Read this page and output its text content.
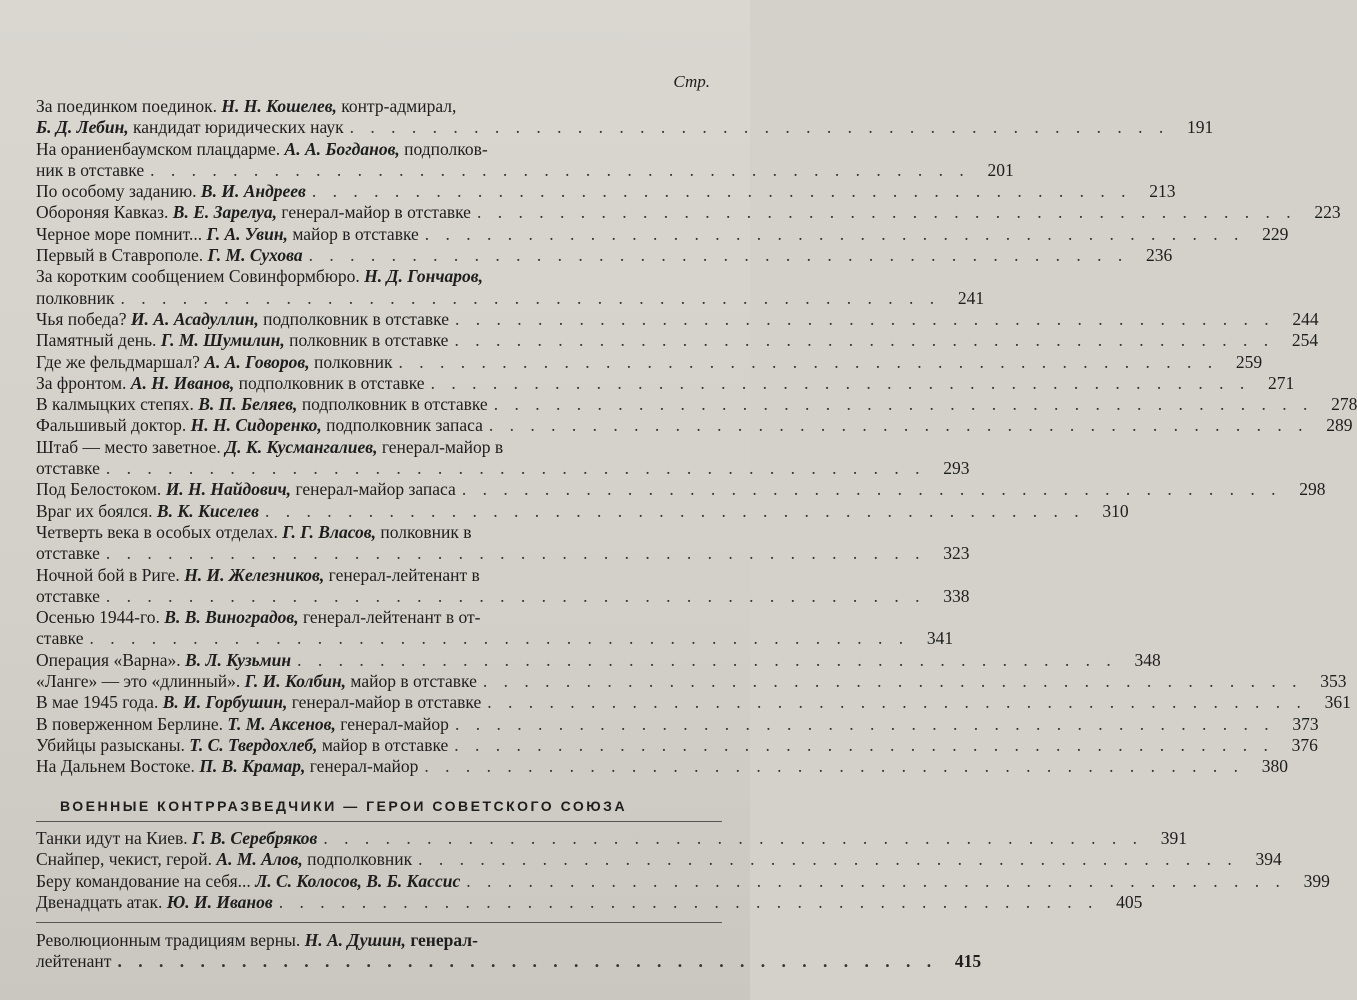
Стр.
За поединком поединок. Н. Н. Кошелев, контр-адмирал,
Б. Д. Лебин, кандидат юридических наук . . . . . . . . . . . . . . . . . . . . . . . . . . . . . . . . . . . . . . . .	191
На ораниенбаумском плацдарме. А. А. Богданов, подполков-
ник в отставке . . . . . . . . . . . . . . . . . . . . . . . . . . . . . . . . . . . . . . . .	201
По особому заданию. В. И. Андреев . . . . . . . . . . . . . . . . . . . . . . . . . . . . . . . . . . . . . . . .	213
Обороняя Кавказ. В. Е. Зарелуа, генерал-майор в отставке . . . . . . . . . . . . . . . . . . . . . . . . . . . . . . . . . . . . . . . .	223
Черное море помнит... Г. А. Увин, майор в отставке . . . . . . . . . . . . . . . . . . . . . . . . . . . . . . . . . . . . . . . .	229
Первый в Ставрополе. Г. М. Сухова . . . . . . . . . . . . . . . . . . . . . . . . . . . . . . . . . . . . . . . .	236
За коротким сообщением Совинформбюро. Н. Д. Гончаров,
полковник . . . . . . . . . . . . . . . . . . . . . . . . . . . . . . . . . . . . . . . .	241
Чья победа? И. А. Асадуллин, подполковник в отставке . . . . . . . . . . . . . . . . . . . . . . . . . . . . . . . . . . . . . . . .	244
Памятный день. Г. М. Шумилин, полковник в отставке . . . . . . . . . . . . . . . . . . . . . . . . . . . . . . . . . . . . . . . .	254
Где же фельдмаршал? А. А. Говоров, полковник . . . . . . . . . . . . . . . . . . . . . . . . . . . . . . . . . . . . . . . .	259
За фронтом. А. Н. Иванов, подполковник в отставке . . . . . . . . . . . . . . . . . . . . . . . . . . . . . . . . . . . . . . . .	271
В калмыцких степях. В. П. Беляев, подполковник в отставке . . . . . . . . . . . . . . . . . . . . . . . . . . . . . . . . . . . . . . . .	278
Фальшивый доктор. Н. Н. Сидоренко, подполковник запаса . . . . . . . . . . . . . . . . . . . . . . . . . . . . . . . . . . . . . . . .	289
Штаб — место заветное. Д. К. Кусмангалиев, генерал-майор в
отставке . . . . . . . . . . . . . . . . . . . . . . . . . . . . . . . . . . . . . . . .	293
Под Белостоком. И. Н. Найдович, генерал-майор запаса . . . . . . . . . . . . . . . . . . . . . . . . . . . . . . . . . . . . . . . .	298
Враг их боялся. В. К. Киселев . . . . . . . . . . . . . . . . . . . . . . . . . . . . . . . . . . . . . . . .	310
Четверть века в особых отделах. Г. Г. Власов, полковник в
отставке . . . . . . . . . . . . . . . . . . . . . . . . . . . . . . . . . . . . . . . .	323
Ночной бой в Риге. Н. И. Железников, генерал-лейтенант в
отставке . . . . . . . . . . . . . . . . . . . . . . . . . . . . . . . . . . . . . . . .	338
Осенью 1944-го. В. В. Виноградов, генерал-лейтенант в от-
ставке . . . . . . . . . . . . . . . . . . . . . . . . . . . . . . . . . . . . . . . .	341
Операция «Варна». В. Л. Кузьмин . . . . . . . . . . . . . . . . . . . . . . . . . . . . . . . . . . . . . . . .	348
«Ланге» — это «длинный». Г. И. Колбин, майор в отставке . . . . . . . . . . . . . . . . . . . . . . . . . . . . . . . . . . . . . . . .	353
В мае 1945 года. В. И. Горбушин, генерал-майор в отставке . . . . . . . . . . . . . . . . . . . . . . . . . . . . . . . . . . . . . . . .	361
В поверженном Берлине. Т. М. Аксенов, генерал-майор . . . . . . . . . . . . . . . . . . . . . . . . . . . . . . . . . . . . . . . .	373
Убийцы разысканы. Т. С. Твердохлеб, майор в отставке . . . . . . . . . . . . . . . . . . . . . . . . . . . . . . . . . . . . . . . .	376
На Дальнем Востоке. П. В. Крамар, генерал-майор . . . . . . . . . . . . . . . . . . . . . . . . . . . . . . . . . . . . . . . .	380
ВОЕННЫЕ КОНТРРАЗВЕДЧИКИ — ГЕРОИ СОВЕТСКОГО СОЮЗА
Танки идут на Киев. Г. В. Серебряков . . . . . . . . . . . . . . . . . . . . . . . . . . . . . . . . . . . . . . . .	391
Снайпер, чекист, герой. А. М. Алов, подполковник . . . . . . . . . . . . . . . . . . . . . . . . . . . . . . . . . . . . . . . .	394
Беру командование на себя... Л. С. Колосов, В. Б. Кассис . . . . . . . . . . . . . . . . . . . . . . . . . . . . . . . . . . . . . . . .	399
Двенадцать атак. Ю. И. Иванов . . . . . . . . . . . . . . . . . . . . . . . . . . . . . . . . . . . . . . . .	405
Революционным традициям верны. Н. А. Душин, генерал-
лейтенант . . . . . . . . . . . . . . . . . . . . . . . . . . . . . . . . . . . . . . . .	415
